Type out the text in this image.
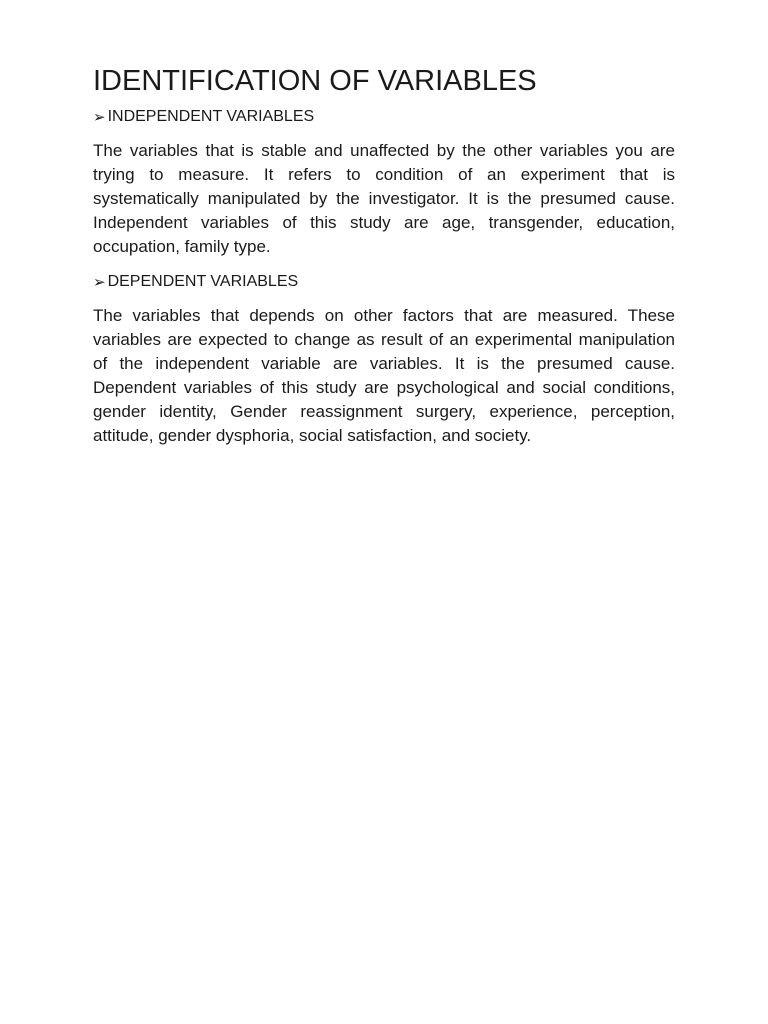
IDENTIFICATION OF VARIABLES
➢ INDEPENDENT VARIABLES

The variables that is stable and unaffected by the other variables you are trying to measure. It refers to condition of an experiment that is systematically manipulated by the investigator. It is the presumed cause. Independent variables of this study are age, transgender, education, occupation, family type.

➢ DEPENDENT VARIABLES

The variables that depends on other factors that are measured. These variables are expected to change as result of an experimental manipulation of the independent variable are variables. It is the presumed cause. Dependent variables of this study are psychological and social conditions, gender identity, Gender reassignment surgery, experience, perception, attitude, gender dysphoria, social satisfaction, and society.
